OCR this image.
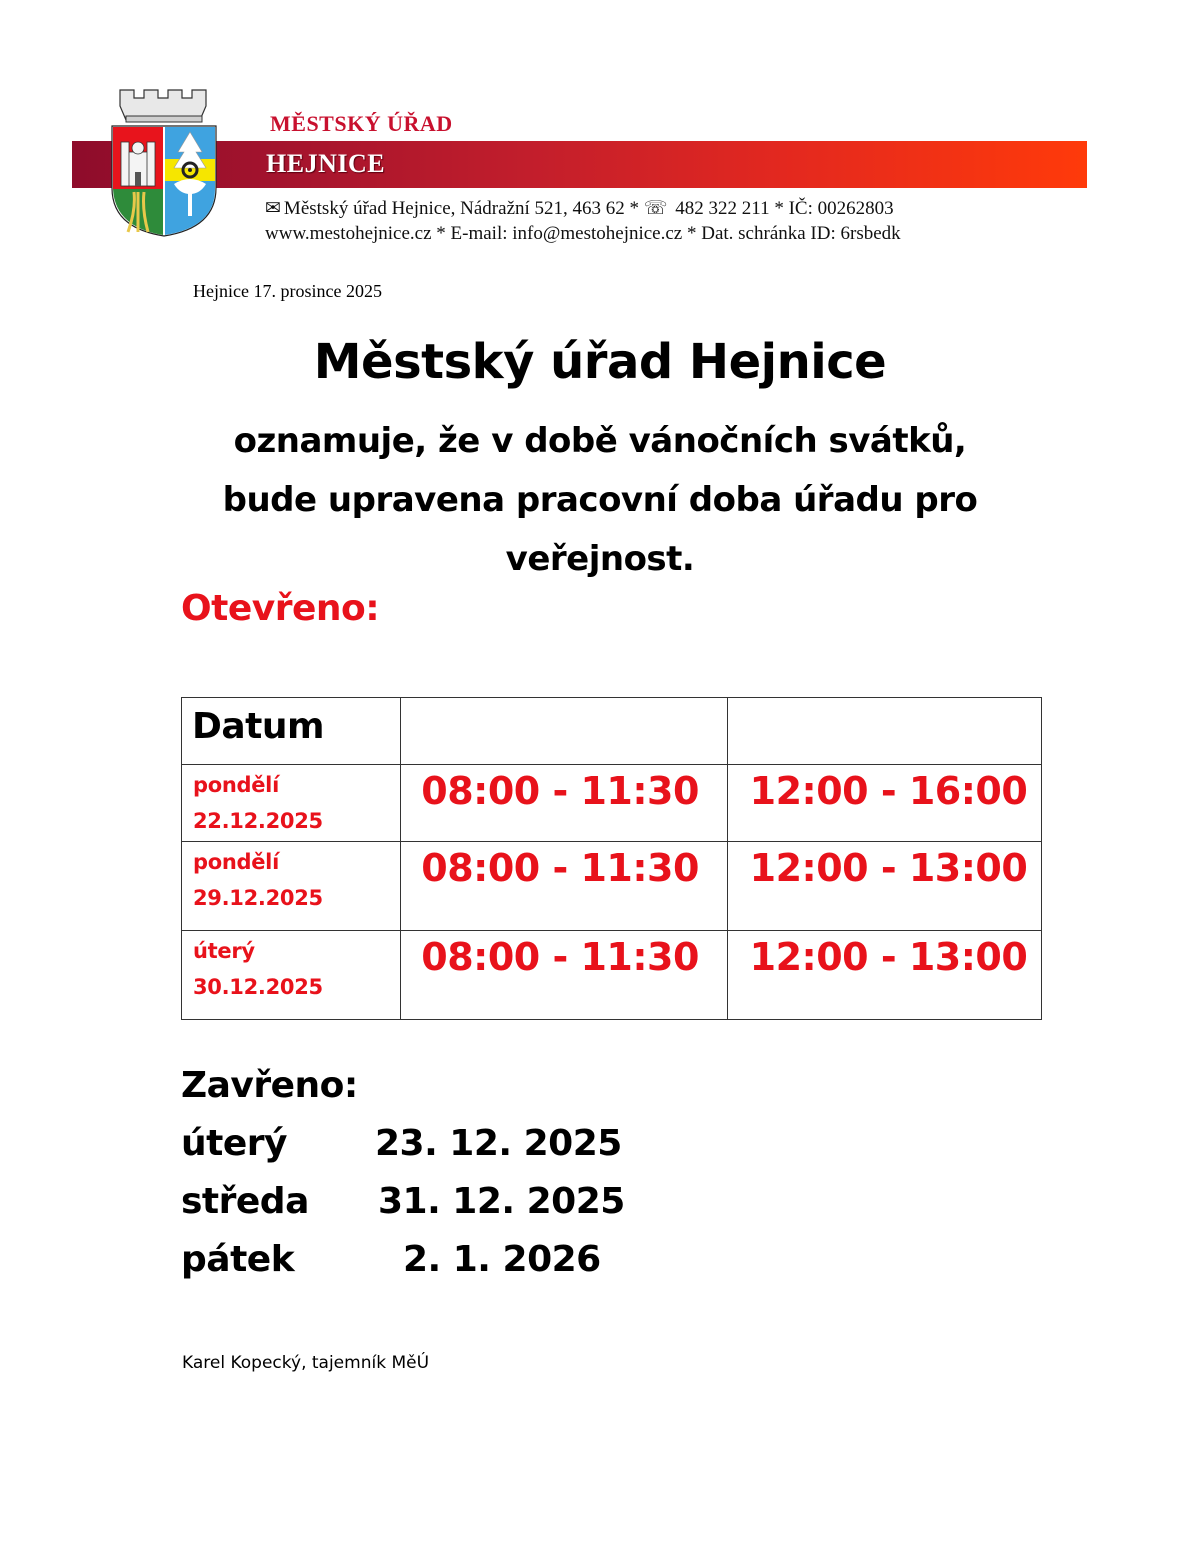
MĚSTSKÝ ÚŘAD
HEJNICE
✉ Městský úřad Hejnice, Nádražní 521, 463 62 * ☏ 482 322 211 * IČ: 00262803
www.mestohejnice.cz * E-mail: info@mestohejnice.cz * Dat. schránka ID: 6rsbedk
Hejnice 17. prosince 2025
Městský úřad Hejnice
oznamuje, že v době vánočních svátků,
bude upravena pracovní doba úřadu pro
veřejnost.
Otevřeno:
Datum		

pondělí
22.12.2025	08:00 - 11:30	12:00 - 16:00

pondělí
29.12.2025	08:00 - 11:30	12:00 - 13:00

úterý
30.12.2025	08:00 - 11:30	12:00 - 13:00
Zavřeno:
úterý 23. 12. 2025
středa 31. 12. 2025
pátek	2. 1. 2026
Karel Kopecký, tajemník MěÚ
